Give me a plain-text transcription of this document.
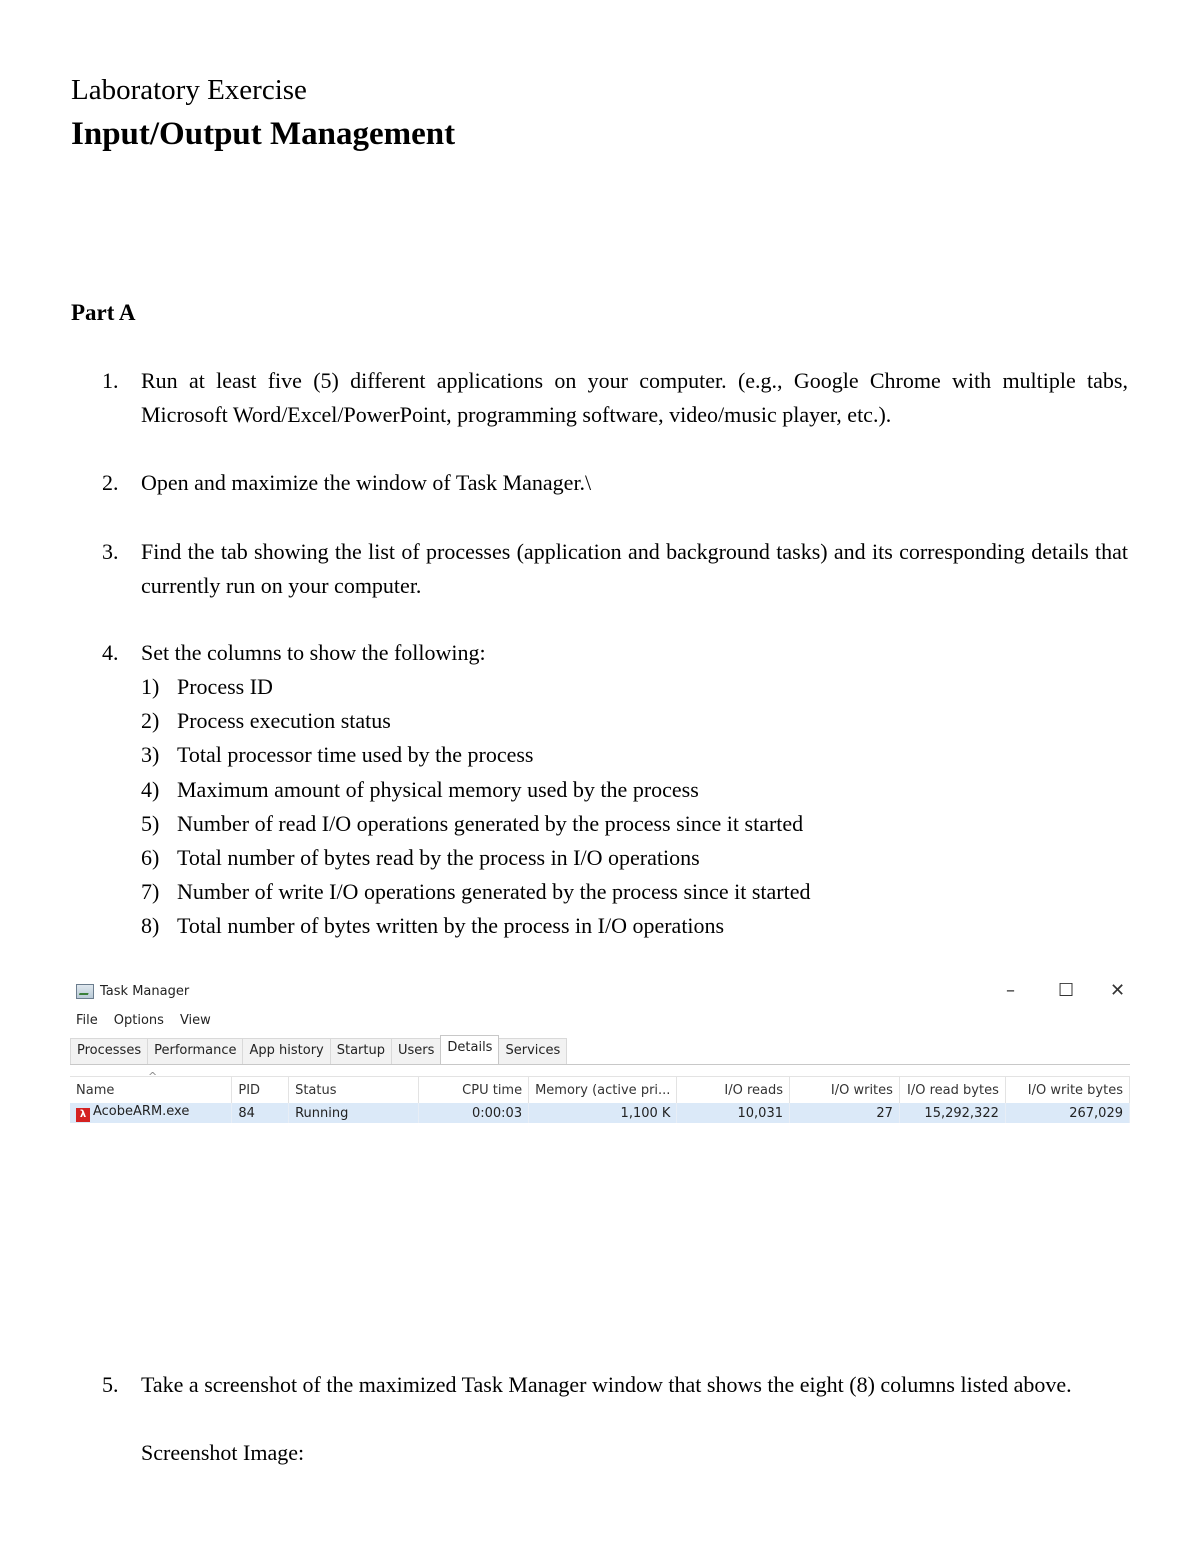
Laboratory Exercise
Input/Output Management
Part A
1.	Run at least five (5) different applications on your computer. (e.g., Google Chrome with multiple tabs, Microsoft Word/Excel/PowerPoint, programming software, video/music player, etc.).
2.	Open and maximize the window of Task Manager.\
3.	Find the tab showing the list of processes (application and background tasks) and its corresponding details that currently run on your computer.
4.	Set the columns to show the following:
1) Process ID
2) Process execution status
3) Total processor time used by the process
4) Maximum amount of physical memory used by the process
5) Number of read I/O operations generated by the process since it started
6) Total number of bytes read by the process in I/O operations
7) Number of write I/O operations generated by the process since it started
8) Total number of bytes written by the process in I/O operations
Task Manager	– ☐ ✕
File Options View
Processes	Performance	App history	Startup	Users	Details	Services
^
Name	PID	Status	CPU time	Memory (active pri...	I/O reads	I/O writes	I/O read bytes	I/O write bytes
λ AcobeARM.exe	84	Running	0:00:03	1,100 K	10,031	27	15,292,322	267,029
5.	Take a screenshot of the maximized Task Manager window that shows the eight (8) columns listed above.
Screenshot Image:
